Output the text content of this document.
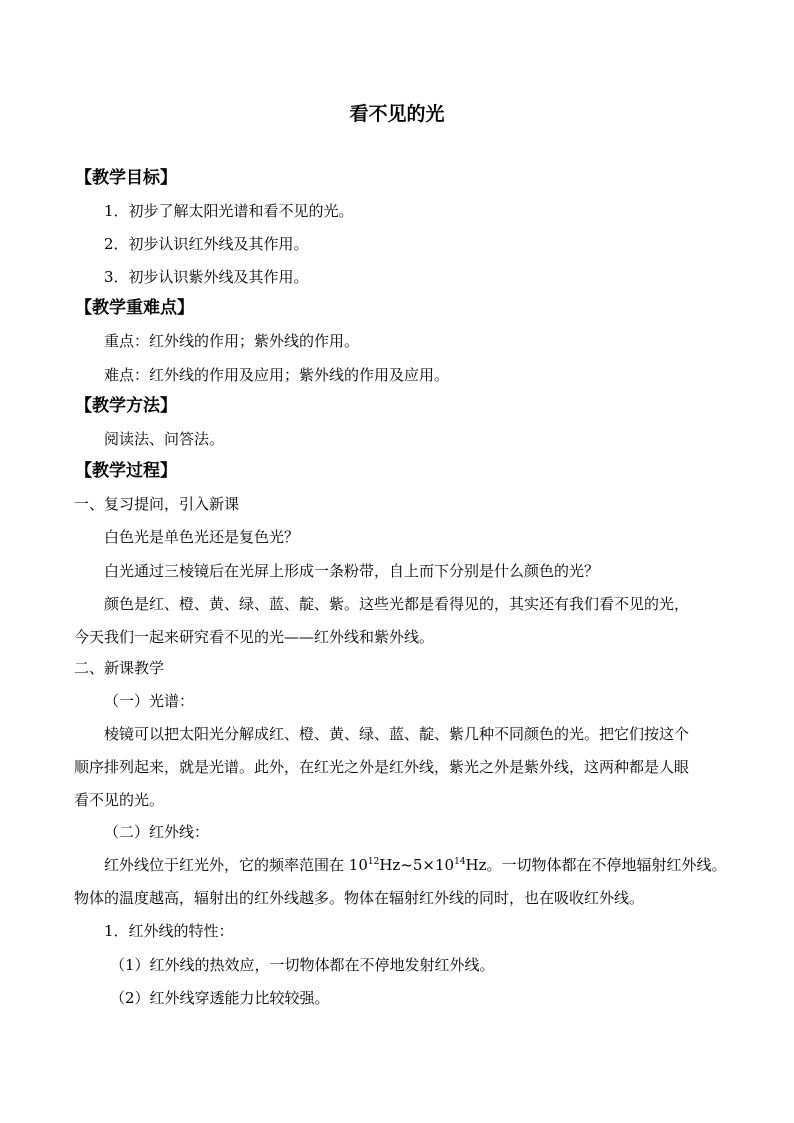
看不见的光
【教学目标】
1．初步了解太阳光谱和看不见的光。
2．初步认识红外线及其作用。
3．初步认识紫外线及其作用。
【教学重难点】
重点：红外线的作用；紫外线的作用。
难点：红外线的作用及应用；紫外线的作用及应用。
【教学方法】
阅读法、问答法。
【教学过程】
一、复习提问，引入新课
白色光是单色光还是复色光？
白光通过三棱镜后在光屏上形成一条粉带，自上而下分别是什么颜色的光？
颜色是红、橙、黄、绿、蓝、靛、紫。这些光都是看得见的，其实还有我们看不见的光，
今天我们一起来研究看不见的光——红外线和紫外线。
二、新课教学
（一）光谱：
棱镜可以把太阳光分解成红、橙、黄、绿、蓝、靛、紫几种不同颜色的光。把它们按这个
顺序排列起来，就是光谱。此外，在红光之外是红外线，紫光之外是紫外线，这两种都是人眼
看不见的光。
（二）红外线：
红外线位于红光外，它的频率范围在 $10^{12}Hz\sim 5\times 10^{14}Hz$。一切物体都在不停地辐射红外线。
物体的温度越高，辐射出的红外线越多。物体在辐射红外线的同时，也在吸收红外线。
1．红外线的特性：
（1）红外线的热效应，一切物体都在不停地发射红外线。
（2）红外线穿透能力比较较强。
